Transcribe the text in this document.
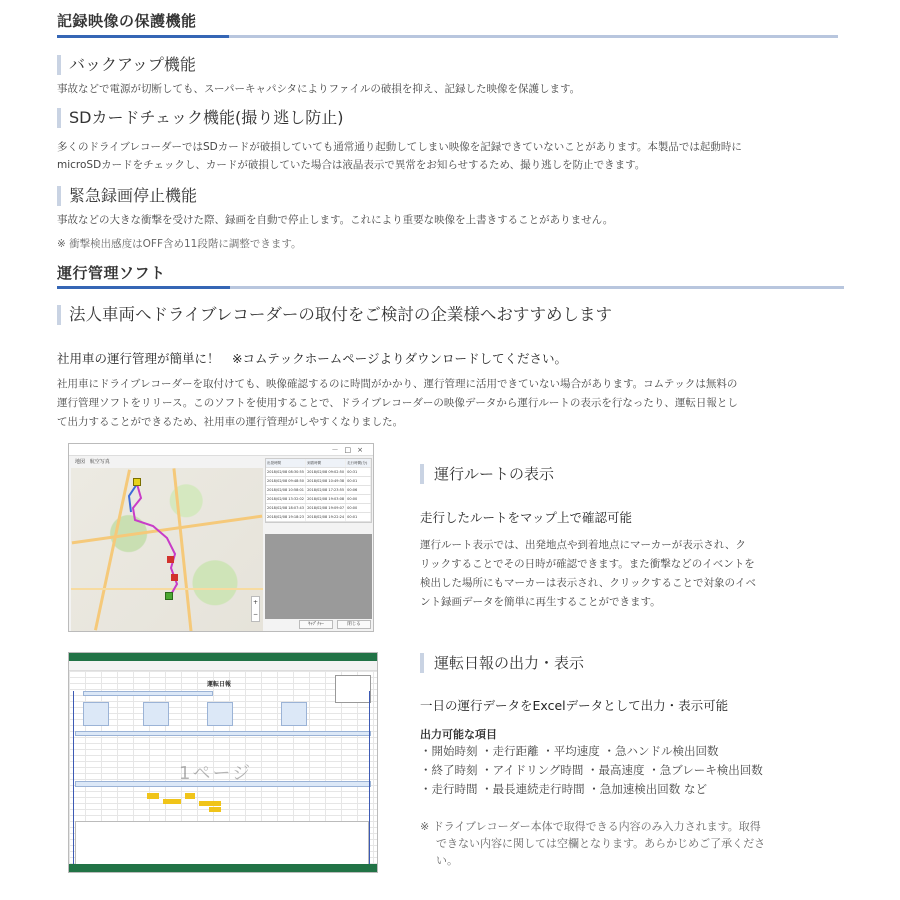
記録映像の保護機能
バックアップ機能
事故などで電源が切断しても、スーパーキャパシタによりファイルの破損を抑え、記録した映像を保護します。
SDカードチェック機能(撮り逃し防止)
多くのドライブレコーダーではSDカードが破損していても通常通り起動してしまい映像を記録できていないことがあります。本製品では起動時に
microSDカードをチェックし、カードが破損していた場合は液晶表示で異常をお知らせするため、撮り逃しを防止できます。
緊急録画停止機能
事故などの大きな衝撃を受けた際、録画を自動で停止します。これにより重要な映像を上書きすることがありません。
※ 衝撃検出感度はOFF含め11段階に調整できます。
運行管理ソフト
法人車両へドライブレコーダーの取付をご検討の企業様へおすすめします
社用車の運行管理が簡単に！　※コムテックホームページよりダウンロードしてください。
社用車にドライブレコーダーを取付けても、映像確認するのに時間がかかり、運行管理に活用できていない場合があります。コムテックは無料の
運行管理ソフトをリリース。このソフトを使用することで、ドライブレコーダーの映像データから運行ルートの表示を行なったり、運転日報とし
て出力することができるため、社用車の運行管理がしやすくなりました。
－□×
地図 航空写真
+
−
出発時間	到着時間	走行時間(分)
2018/02/08 08:30:55 2018/02/08 09:02:50 00:31
2018/02/08 09:48:50 2018/02/08 10:49:38 00:01
2018/02/08 10:58:01 2018/02/08 17:23:55 00:06
2018/02/08 13:32:02 2018/02/08 19:03:08 00:00
2018/02/08 18:07:43 2018/02/08 19:09:07 00:00
2018/02/08 19:18:23 2018/02/08 19:22:24 00:01
ｷｬﾌﾟﾁｬｰ	閉じる
運行ルートの表示
走行したルートをマップ上で確認可能
運行ルート表示では、出発地点や到着地点にマーカーが表示され、ク
リックすることでその日時が確認できます。また衝撃などのイベントを
検出した場所にもマーカーは表示され、クリックすることで対象のイベ
ント録画データを簡単に再生することができます。
運転日報
1ページ
運転日報の出力・表示
一日の運行データをExcelデータとして出力・表示可能
出力可能な項目
・開始時刻 ・走行距離 ・平均速度 ・急ハンドル検出回数
・終了時刻 ・アイドリング時間 ・最高速度 ・急ブレーキ検出回数
・走行時間 ・最長連続走行時間 ・急加速検出回数 など
※ ドライブレコーダー本体で取得できる内容のみ入力されます。取得
できない内容に関しては空欄となります。あらかじめご了承くださ
い。
